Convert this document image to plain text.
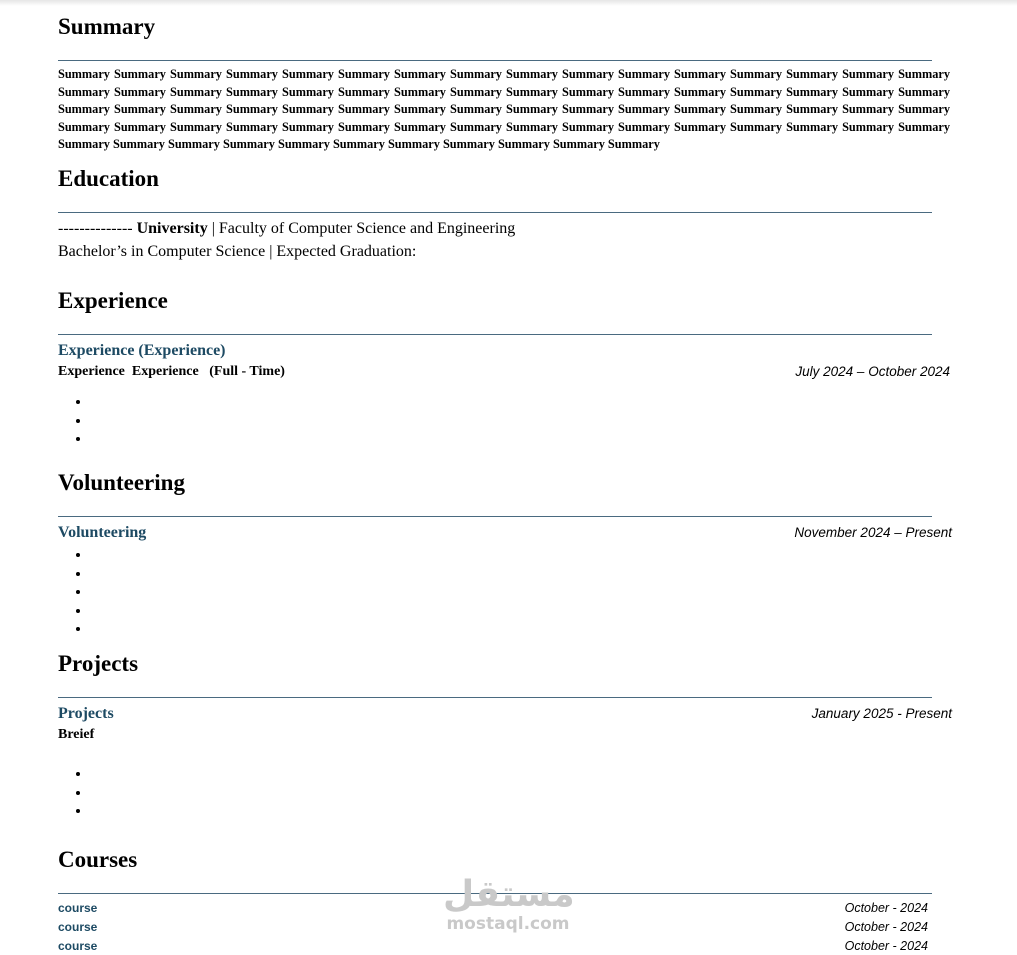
Summary

Summary Summary Summary Summary Summary Summary Summary Summary Summary Summary Summary Summary Summary Summary Summary Summary Summary Summary Summary Summary Summary Summary Summary Summary Summary Summary Summary Summary Summary Summary Summary Summary Summary Summary Summary Summary Summary Summary Summary Summary Summary Summary Summary Summary Summary Summary Summary Summary Summary Summary Summary Summary Summary Summary Summary Summary Summary Summary Summary Summary Summary Summary Summary Summary Summary Summary Summary Summary Summary Summary Summary Summary Summary Summary Summary

Education
-------------- University | Faculty of Computer Science and Engineering
Bachelor’s in Computer Science | Expected Graduation:
Experience
Experience (Experience)
Experience  Experience   (Full - Time)	July 2024 – October 2024
•
•
•
Volunteering
Volunteering	November 2024 – Present
•
•
•
•
•
Projects
Projects	January 2025 - Present
Breief
•
•
•
Courses
course	October - 2024
course	October - 2024
course	October - 2024
مستقل
mostaql.com
